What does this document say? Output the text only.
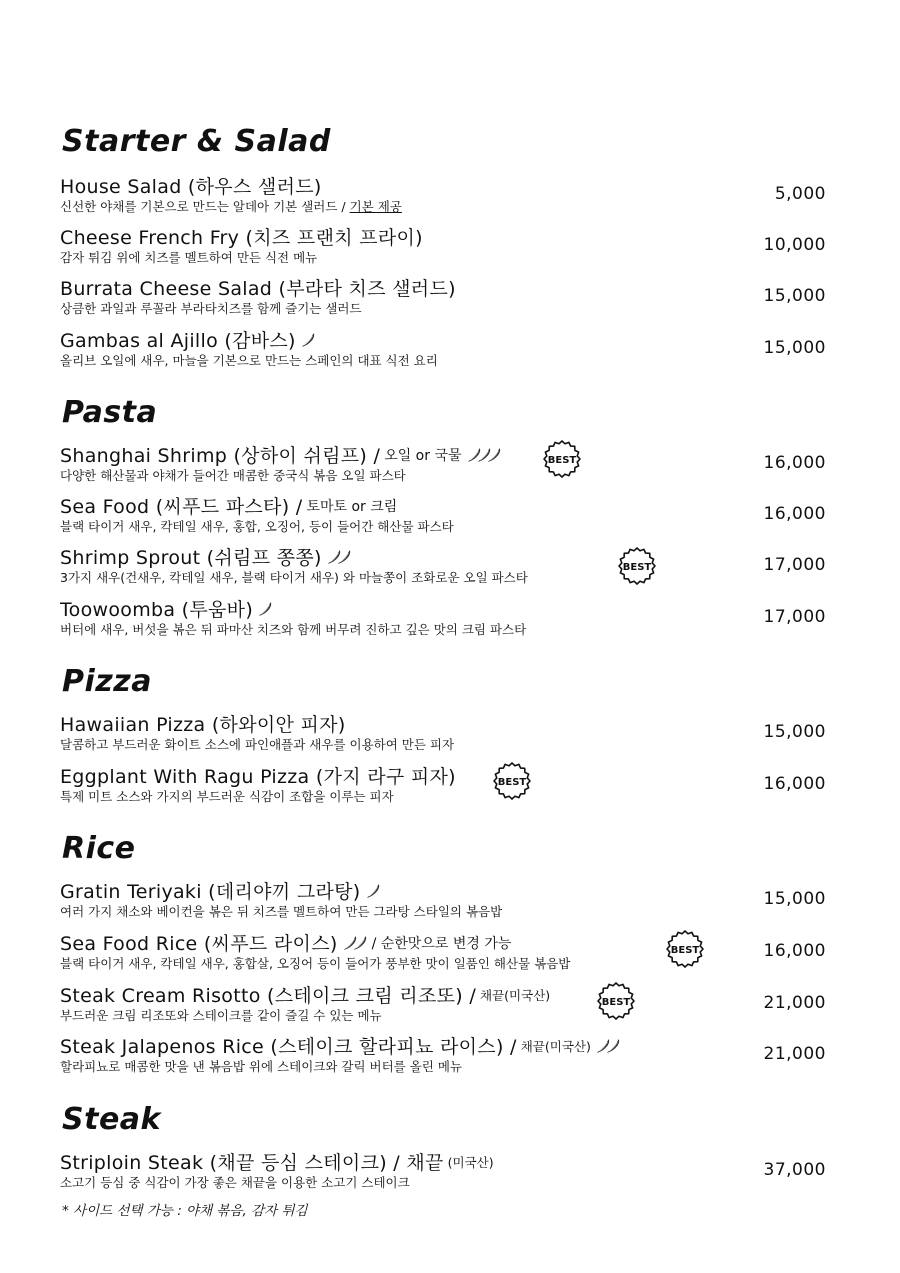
Starter & Salad
House Salad (하우스 샐러드)
신선한 야채를 기본으로 만드는 알데아 기본 샐러드 / 기본 제공
5,000
Cheese French Fry (치즈 프랜치 프라이)
감자 튀김 위에 치즈를 멜트하여 만든 식전 메뉴
10,000
Burrata Cheese Salad (부라타 치즈 샐러드)
상큼한 과일과 루꼴라 부라타치즈를 함께 즐기는 샐러드
15,000
Gambas al Ajillo (감바스)
올리브 오일에 새우, 마늘을 기본으로 만드는 스페인의 대표 식전 요리
15,000
Pasta
Shanghai Shrimp (상하이 쉬림프) / 오일 or 국물
다양한 해산물과 야채가 들어간 매콤한 중국식 볶음 오일 파스타
16,000
BEST
Sea Food (씨푸드 파스타) / 토마토 or 크림
블랙 타이거 새우, 칵테일 새우, 홍합, 오징어, 등이 들어간 해산물 파스타
16,000
Shrimp Sprout (쉬림프 쫑쫑)
3가지 새우(건새우, 칵테일 새우, 블랙 타이거 새우) 와 마늘쫑이 조화로운 오일 파스타
17,000
BEST
Toowoomba (투움바)
버터에 새우, 버섯을 볶은 뒤 파마산 치즈와 함께 버무려 진하고 깊은 맛의 크림 파스타
17,000
Pizza
Hawaiian Pizza (하와이안 피자)
달콤하고 부드러운 화이트 소스에 파인애플과 새우를 이용하여 만든 피자
15,000
Eggplant With Ragu Pizza (가지 라구 피자)
특제 미트 소스와 가지의 부드러운 식감이 조합을 이루는 피자
16,000
BEST
Rice
Gratin Teriyaki (데리야끼 그라탕)
여러 가지 채소와 베이컨을 볶은 뒤 치즈를 멜트하여 만든 그라탕 스타일의 볶음밥
15,000
Sea Food Rice (씨푸드 라이스) / 순한맛으로 변경 가능
블랙 타이거 새우, 칵테일 새우, 홍합살, 오징어 등이 들어가 풍부한 맛이 일품인 해산물 볶음밥
16,000
BEST
Steak Cream Risotto (스테이크 크림 리조또) / 채끝(미국산)
부드러운 크림 리조또와 스테이크를 같이 즐길 수 있는 메뉴
21,000
BEST
Steak Jalapenos Rice (스테이크 할라피뇨 라이스) / 채끝(미국산)
할라피뇨로 매콤한 맛을 낸 볶음밥 위에 스테이크와 갈릭 버터를 올린 메뉴
21,000
Steak
Striploin Steak (채끝 등심 스테이크) / 채끝 (미국산)
소고기 등심 중 식감이 가장 좋은 채끝을 이용한 소고기 스테이크
37,000
* 사이드 선택 가능 : 야채 볶음, 감자 튀김
